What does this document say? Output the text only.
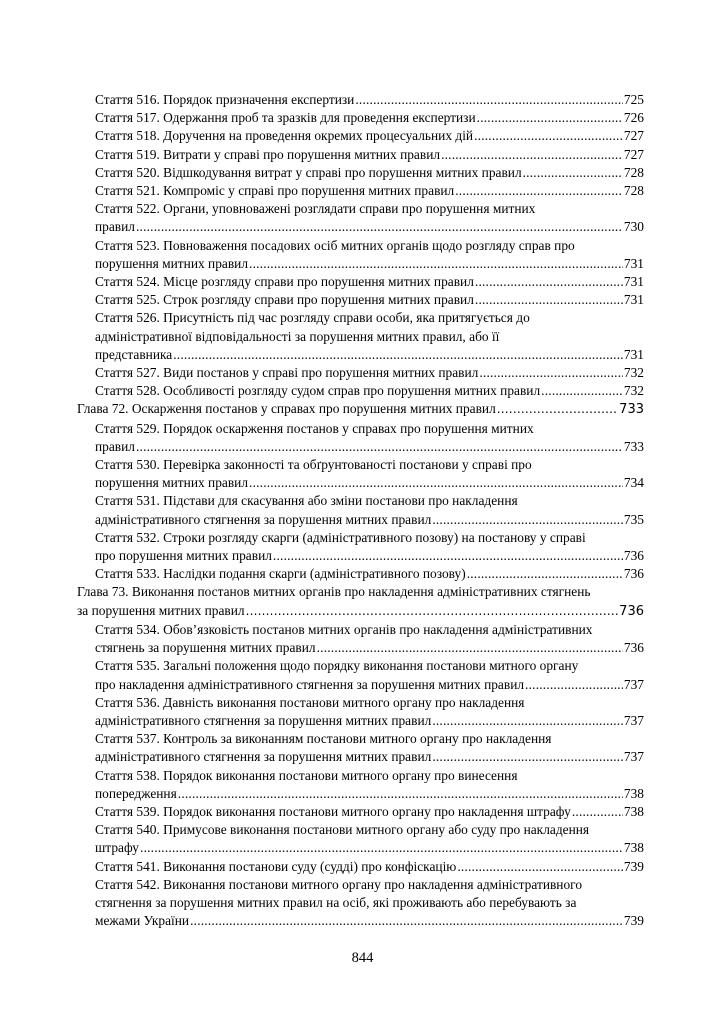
Стаття 516. Порядок призначення експертизи .....	725
Стаття 517. Одержання проб та зразків для проведення експертизи .....	726
Стаття 518. Доручення на проведення окремих процесуальних дій .....	727
Стаття 519. Витрати у справі про порушення митних правил .....	727
Стаття 520. Відшкодування витрат у справі про порушення митних правил .....	728
Стаття 521. Компроміс у справі про порушення митних правил .....	728
Стаття 522. Органи, уповноважені розглядати справи про порушення митних
правил .....	730
Стаття 523. Повноваження посадових осіб митних органів щодо розгляду справ про
порушення митних правил .....	731
Стаття 524. Місце розгляду справи про порушення митних правил .....	731
Стаття 525. Строк розгляду справи про порушення митних правил .....	731
Стаття 526. Присутність під час розгляду справи особи, яка притягується до
адміністративної відповідальності за порушення митних правил, або її
представника .....	731
Стаття 527. Види постанов у справі про порушення митних правил .....	732
Стаття 528. Особливості розгляду судом справ про порушення митних правил .....	732
Глава 72. Оскарження постанов у справах про порушення митних правил .....	733
Стаття 529. Порядок оскарження постанов у справах про порушення митних
правил .....	733
Стаття 530. Перевірка законності та обґрунтованості постанови у справі про
порушення митних правил .....	734
Стаття 531. Підстави для скасування або зміни постанови про накладення
адміністративного стягнення за порушення митних правил .....	735
Стаття 532. Строки розгляду скарги (адміністративного позову) на постанову у справі
про порушення митних правил .....	736
Стаття 533. Наслідки подання скарги (адміністративного позову) .....	736
Глава 73. Виконання постанов митних органів про накладення адміністративних стягнень
за порушення митних правил .....	736
Стаття 534. Обов’язковість постанов митних органів про накладення адміністративних
стягнень за порушення митних правил .....	736
Стаття 535. Загальні положення щодо порядку виконання постанови митного органу
про накладення адміністративного стягнення за порушення митних правил .....	737
Стаття 536. Давність виконання постанови митного органу про накладення
адміністративного стягнення за порушення митних правил .....	737
Стаття 537. Контроль за виконанням постанови митного органу про накладення
адміністративного стягнення за порушення митних правил .....	737
Стаття 538. Порядок виконання постанови митного органу про винесення
попередження .....	738
Стаття 539. Порядок виконання постанови митного органу про накладення штрафу .....	738
Стаття 540. Примусове виконання постанови митного органу або суду про накладення
штрафу .....	738
Стаття 541. Виконання постанови суду (судді) про конфіскацію .....	739
Стаття 542. Виконання постанови митного органу про накладення адміністративного
стягнення за порушення митних правил на осіб, які проживають або перебувають за
межами України .....	739
844
